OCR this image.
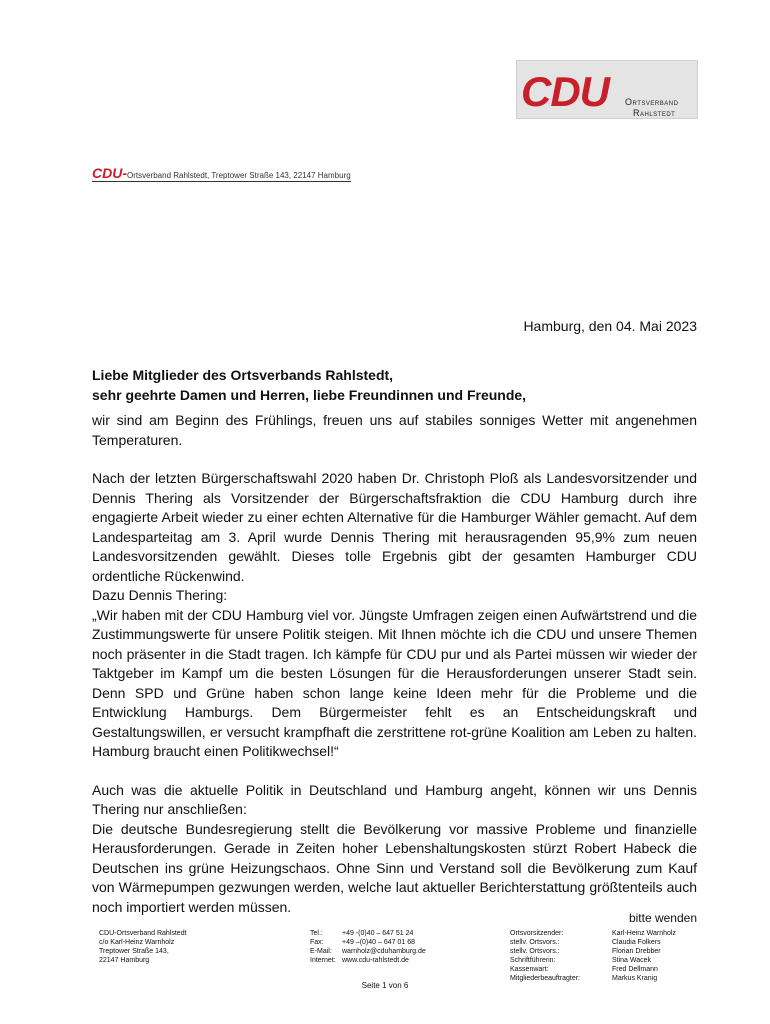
CDU Ortsverband
Rahlstedt
CDU-Ortsverband Rahlstedt, Treptower Straße 143, 22147 Hamburg
Hamburg, den 04. Mai 2023
Liebe Mitglieder des Ortsverbands Rahlstedt,
sehr geehrte Damen und Herren, liebe Freundinnen und Freunde,

wir sind am Beginn des Frühlings, freuen uns auf stabiles sonniges Wetter mit angenehmen Temperaturen.

Nach der letzten Bürgerschaftswahl 2020 haben Dr. Christoph Ploß als Landesvorsitzender und Dennis Thering als Vorsitzender der Bürgerschaftsfraktion die CDU Hamburg durch ihre engagierte Arbeit wieder zu einer echten Alternative für die Hamburger Wähler gemacht. Auf dem Landesparteitag am 3. April wurde Dennis Thering mit herausragenden 95,9% zum neuen Landesvorsitzenden gewählt. Dieses tolle Ergebnis gibt der gesamten Hamburger CDU ordentliche Rückenwind.

Dazu Dennis Thering:

„Wir haben mit der CDU Hamburg viel vor. Jüngste Umfragen zeigen einen Aufwärtstrend und die Zustimmungswerte für unsere Politik steigen. Mit Ihnen möchte ich die CDU und unsere Themen noch präsenter in die Stadt tragen. Ich kämpfe für CDU pur und als Partei müssen wir wieder der Taktgeber im Kampf um die besten Lösungen für die Herausforderungen unserer Stadt sein. Denn SPD und Grüne haben schon lange keine Ideen mehr für die Probleme und die Entwicklung Hamburgs. Dem Bürgermeister fehlt es an Entscheidungskraft und Gestaltungswillen, er versucht krampfhaft die zerstrittene rot-grüne Koalition am Leben zu halten. Hamburg braucht einen Politikwechsel!“

Auch was die aktuelle Politik in Deutschland und Hamburg angeht, können wir uns Dennis Thering nur anschließen:

Die deutsche Bundesregierung stellt die Bevölkerung vor massive Probleme und finanzielle Herausforderungen. Gerade in Zeiten hoher Lebenshaltungskosten stürzt Robert Habeck die Deutschen ins grüne Heizungschaos. Ohne Sinn und Verstand soll die Bevölkerung zum Kauf von Wärmepumpen gezwungen werden, welche laut aktueller Berichterstattung größtenteils auch noch importiert werden müssen.

bitte wenden
CDU-Ortsverband Rahlstedt
c/o Karl-Heinz Warnholz
Treptower Straße 143,
22147 Hamburg
Tel.:
Fax:
E-Mail:
Internet:
+49 -(0)40 – 647 51 24
+49 –(0)40 – 647 01 68
warnholz@cduhamburg.de
www.cdu-rahlstedt.de
Ortsvorsitzender:
stellv. Ortsvors.:
stellv. Ortsvors.:
Schriftführerin:
Kassenwart:
Mitgliederbeauftragter:
Karl-Heinz Warnholz
Claudia Folkers
Florian Drebber
Stina Wacek
Fred Dellmann
Markus Kranig
Seite 1 von 6
